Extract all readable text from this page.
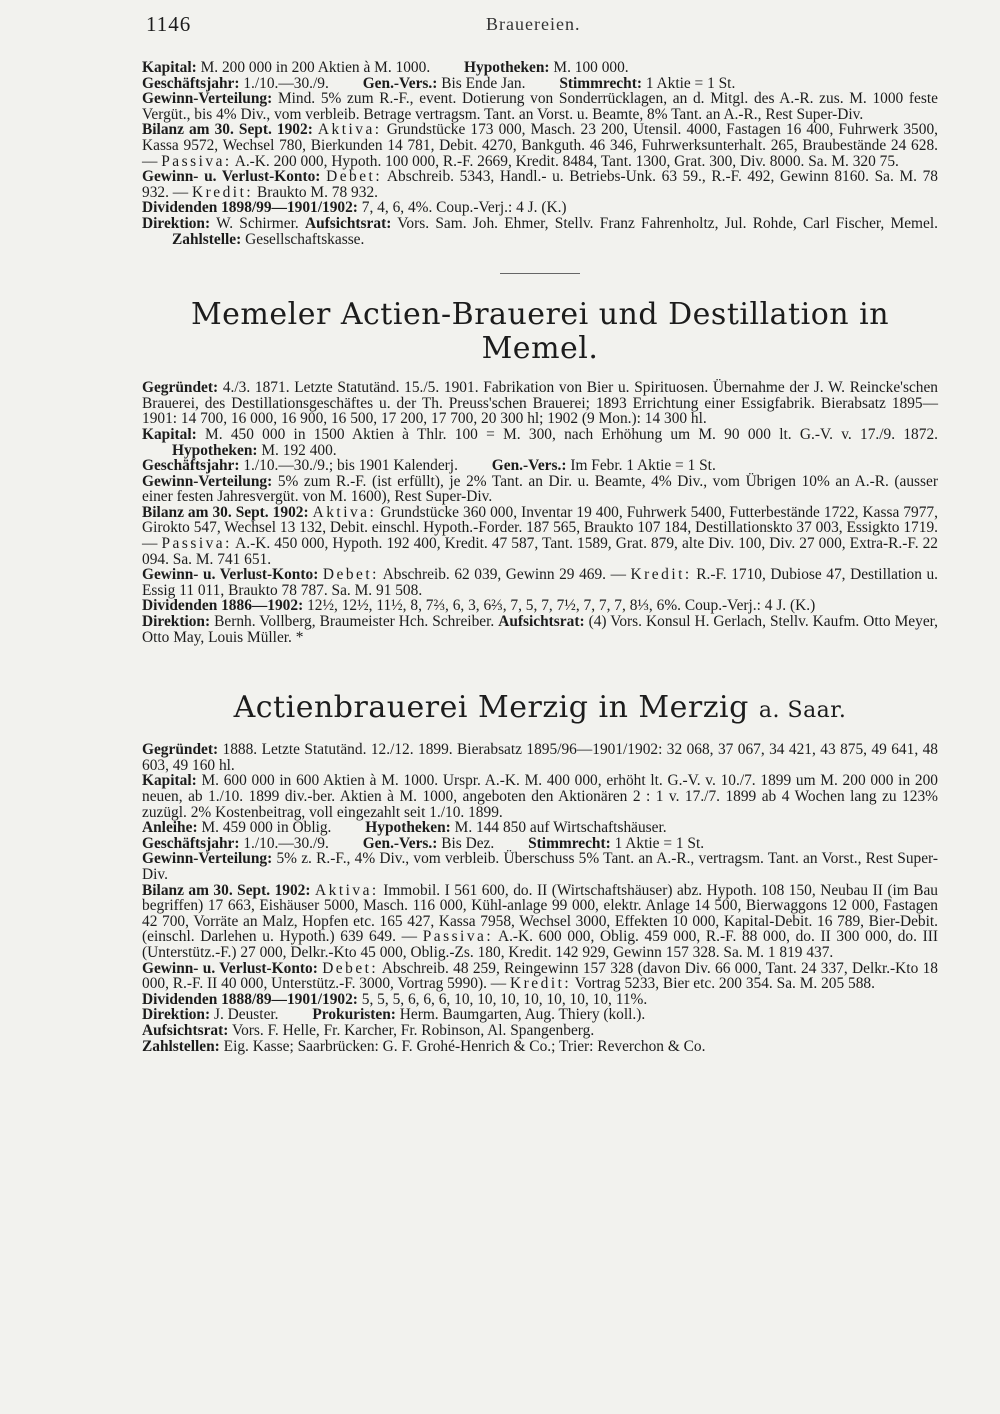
1146	Brauereien.

Kapital: M. 200 000 in 200 Aktien à M. 1000. Hypotheken: M. 100 000.

Geschäftsjahr: 1./10.—30./9. Gen.-Vers.: Bis Ende Jan. Stimmrecht: 1 Aktie = 1 St.

Gewinn-Verteilung: Mind. 5% zum R.-F., event. Dotierung von Sonderrücklagen, an d. Mitgl. des A.-R. zus. M. 1000 feste Vergüt., bis 4% Div., vom verbleib. Betrage vertragsm. Tant. an Vorst. u. Beamte, 8% Tant. an A.-R., Rest Super-Div.

Bilanz am 30. Sept. 1902: Aktiva: Grundstücke 173 000, Masch. 23 200, Utensil. 4000, Fastagen 16 400, Fuhrwerk 3500, Kassa 9572, Wechsel 780, Bierkunden 14 781, Debit. 4270, Bankguth. 46 346, Fuhrwerksunterhalt. 265, Braubestände 24 628. — Passiva: A.-K. 200 000, Hypoth. 100 000, R.-F. 2669, Kredit. 8484, Tant. 1300, Grat. 300, Div. 8000. Sa. M. 320 75.

Gewinn- u. Verlust-Konto: Debet: Abschreib. 5343, Handl.- u. Betriebs-Unk. 63 59., R.-F. 492, Gewinn 8160. Sa. M. 78 932. — Kredit: Braukto M. 78 932.

Dividenden 1898/99—1901/1902: 7, 4, 6, 4%. Coup.-Verj.: 4 J. (K.)

Direktion: W. Schirmer. Aufsichtsrat: Vors. Sam. Joh. Ehmer, Stellv. Franz Fahrenholtz, Jul. Rohde, Carl Fischer, Memel. Zahlstelle: Gesellschaftskasse.

Memeler Actien-Brauerei und Destillation in Memel.

Gegründet: 4./3. 1871. Letzte Statutänd. 15./5. 1901. Fabrikation von Bier u. Spirituosen. Übernahme der J. W. Reincke'schen Brauerei, des Destillationsgeschäftes u. der Th. Preuss'schen Brauerei; 1893 Errichtung einer Essigfabrik. Bierabsatz 1895—1901: 14 700, 16 000, 16 900, 16 500, 17 200, 17 700, 20 300 hl; 1902 (9 Mon.): 14 300 hl.

Kapital: M. 450 000 in 1500 Aktien à Thlr. 100 = M. 300, nach Erhöhung um M. 90 000 lt. G.-V. v. 17./9. 1872. Hypotheken: M. 192 400.

Geschäftsjahr: 1./10.—30./9.; bis 1901 Kalenderj. Gen.-Vers.: Im Febr. 1 Aktie = 1 St.

Gewinn-Verteilung: 5% zum R.-F. (ist erfüllt), je 2% Tant. an Dir. u. Beamte, 4% Div., vom Übrigen 10% an A.-R. (ausser einer festen Jahresvergüt. von M. 1600), Rest Super-Div.

Bilanz am 30. Sept. 1902: Aktiva: Grundstücke 360 000, Inventar 19 400, Fuhrwerk 5400, Futterbestände 1722, Kassa 7977, Girokto 547, Wechsel 13 132, Debit. einschl. Hypoth.-Forder. 187 565, Braukto 107 184, Destillationskto 37 003, Essigkto 1719. — Passiva: A.-K. 450 000, Hypoth. 192 400, Kredit. 47 587, Tant. 1589, Grat. 879, alte Div. 100, Div. 27 000, Extra-R.-F. 22 094. Sa. M. 741 651.

Gewinn- u. Verlust-Konto: Debet: Abschreib. 62 039, Gewinn 29 469. — Kredit: R.-F. 1710, Dubiose 47, Destillation u. Essig 11 011, Braukto 78 787. Sa. M. 91 508.

Dividenden 1886—1902: 12½, 12½, 11½, 8, 7⅔, 6, 3, 6⅔, 7, 5, 7, 7½, 7, 7, 7, 8⅓, 6%. Coup.-Verj.: 4 J. (K.)

Direktion: Bernh. Vollberg, Braumeister Hch. Schreiber. Aufsichtsrat: (4) Vors. Konsul H. Gerlach, Stellv. Kaufm. Otto Meyer, Otto May, Louis Müller. *

Actienbrauerei Merzig in Merzig a. Saar.

Gegründet: 1888. Letzte Statutänd. 12./12. 1899. Bierabsatz 1895/96—1901/1902: 32 068, 37 067, 34 421, 43 875, 49 641, 48 603, 49 160 hl.

Kapital: M. 600 000 in 600 Aktien à M. 1000. Urspr. A.-K. M. 400 000, erhöht lt. G.-V. v. 10./7. 1899 um M. 200 000 in 200 neuen, ab 1./10. 1899 div.-ber. Aktien à M. 1000, angeboten den Aktionären 2 : 1 v. 17./7. 1899 ab 4 Wochen lang zu 123% zuzügl. 2% Kostenbeitrag, voll eingezahlt seit 1./10. 1899.

Anleihe: M. 459 000 in Oblig. Hypotheken: M. 144 850 auf Wirtschaftshäuser.

Geschäftsjahr: 1./10.—30./9. Gen.-Vers.: Bis Dez. Stimmrecht: 1 Aktie = 1 St.

Gewinn-Verteilung: 5% z. R.-F., 4% Div., vom verbleib. Überschuss 5% Tant. an A.-R., vertragsm. Tant. an Vorst., Rest Super-Div.

Bilanz am 30. Sept. 1902: Aktiva: Immobil. I 561 600, do. II (Wirtschaftshäuser) abz. Hypoth. 108 150, Neubau II (im Bau begriffen) 17 663, Eishäuser 5000, Masch. 116 000, Kühl-anlage 99 000, elektr. Anlage 14 500, Bierwaggons 12 000, Fastagen 42 700, Vorräte an Malz, Hopfen etc. 165 427, Kassa 7958, Wechsel 3000, Effekten 10 000, Kapital-Debit. 16 789, Bier-Debit. (einschl. Darlehen u. Hypoth.) 639 649. — Passiva: A.-K. 600 000, Oblig. 459 000, R.-F. 88 000, do. II 300 000, do. III (Unterstütz.-F.) 27 000, Delkr.-Kto 45 000, Oblig.-Zs. 180, Kredit. 142 929, Gewinn 157 328. Sa. M. 1 819 437.

Gewinn- u. Verlust-Konto: Debet: Abschreib. 48 259, Reingewinn 157 328 (davon Div. 66 000, Tant. 24 337, Delkr.-Kto 18 000, R.-F. II 40 000, Unterstütz.-F. 3000, Vortrag 5990). — Kredit: Vortrag 5233, Bier etc. 200 354. Sa. M. 205 588.

Dividenden 1888/89—1901/1902: 5, 5, 5, 6, 6, 6, 10, 10, 10, 10, 10, 10, 10, 11%.

Direktion: J. Deuster. Prokuristen: Herm. Baumgarten, Aug. Thiery (koll.).

Aufsichtsrat: Vors. F. Helle, Fr. Karcher, Fr. Robinson, Al. Spangenberg.

Zahlstellen: Eig. Kasse; Saarbrücken: G. F. Grohé-Henrich & Co.; Trier: Reverchon & Co.
